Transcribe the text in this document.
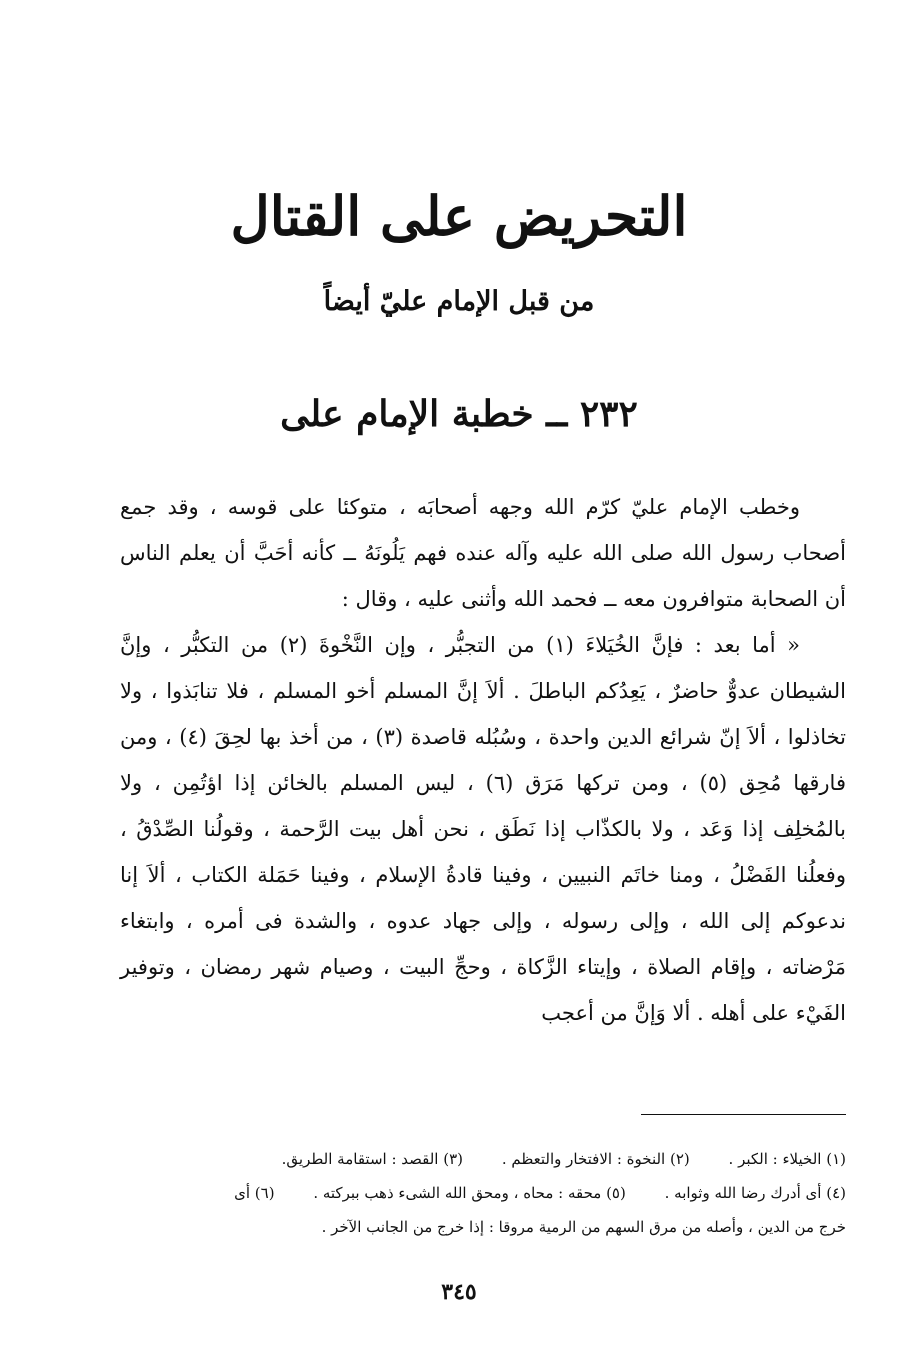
التحريض على القتال
من قبل الإمام عليّ أيضاً
٢٣٢ ــ خطبة الإمام على

وخطب الإمام عليّ كرّم الله وجهه أصحابَه ، متوكئا على قوسه ، وقد جمع أصحاب رسول الله صلى الله عليه وآله عنده فهم يَلُونَهُ ــ كأنه أحَبَّ أن يعلم الناس أن الصحابة متوافرون معه ــ فحمد الله وأثنى عليه ، وقال :

« أما بعد : فإنَّ الخُيَلاءَ (١) من التجبُّر ، وإن النَّخْوةَ (٢) من التكبُّر ، وإنَّ الشيطان عدوٌّ حاضرٌ ، يَعِدُكم الباطلَ . ألاَ إنَّ المسلم أخو المسلم ، فلا تنابَذوا ، ولا تخاذلوا ، ألاَ إنّ شرائع الدين واحدة ، وسُبُله قاصدة (٣) ، من أخذ بها لحِقَ (٤) ، ومن فارقها مُحِق (٥) ، ومن تركها مَرَق (٦) ، ليس المسلم بالخائن إذا اؤتُمِن ، ولا بالمُخلِف إذا وَعَد ، ولا بالكذّاب إذا نَطَق ، نحن أهل بيت الرَّحمة ، وقولُنا الصِّدْقُ ، وفعلُنا الفَضْلُ ، ومنا خاتَم النبيين ، وفينا قادةُ الإسلام ، وفينا حَمَلة الكتاب ، ألاَ إنا ندعوكم إلى الله ، وإلى رسوله ، وإلى جهاد عدوه ، والشدة فى أمره ، وابتغاء مَرْضاته ، وإقام الصلاة ، وإيتاء الزَّكاة ، وحجِّ البيت ، وصيام شهر رمضان ، وتوفير الفَيْء على أهله . ألا وَإنَّ من أعجب

(١) الخيلاء : الكبر . (٢) النخوة : الافتخار والتعظم . (٣) القصد : استقامة الطريق.
(٤) أى أدرك رضا الله وثوابه . (٥) محقه : محاه ، ومحق الله الشىء ذهب ببركته . (٦) أى
خرج من الدين ، وأصله من مرق السهم من الرمية مروقا : إذا خرج من الجانب الآخر .
٣٤٥
